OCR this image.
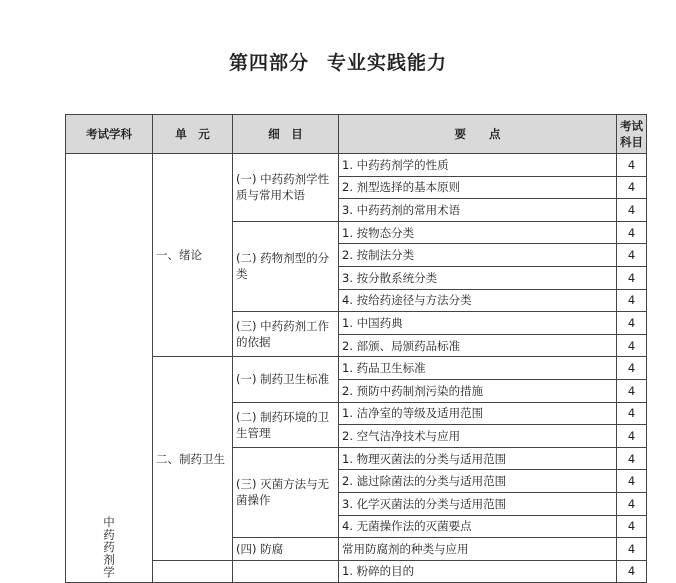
第四部分 专业实践能力
考试学科	单　元	细　目	要　　点	考试科目
中药药剂学	一、绪论	(一) 中药药剂学性质与常用术语	1. 中药药剂学的性质	4
			2. 剂型选择的基本原则	4
			3. 中药药剂的常用术语	4
		(二) 药物剂型的分类	1. 按物态分类	4
			2. 按制法分类	4
			3. 按分散系统分类	4
			4. 按给药途径与方法分类	4
		(三) 中药药剂工作的依据	1. 中国药典	4
			2. 部颁、局颁药品标准	4
	二、制药卫生	(一) 制药卫生标准	1. 药品卫生标准	4
			2. 预防中药制剂污染的措施	4
		(二) 制药环境的卫生管理	1. 洁净室的等级及适用范围	4
			2. 空气洁净技术与应用	4
		(三) 灭菌方法与无菌操作	1. 物理灭菌法的分类与适用范围	4
			2. 滤过除菌法的分类与适用范围	4
			3. 化学灭菌法的分类与适用范围	4
			4. 无菌操作法的灭菌要点	4
		(四) 防腐	常用防腐剂的种类与应用	4
			1. 粉碎的目的	4
